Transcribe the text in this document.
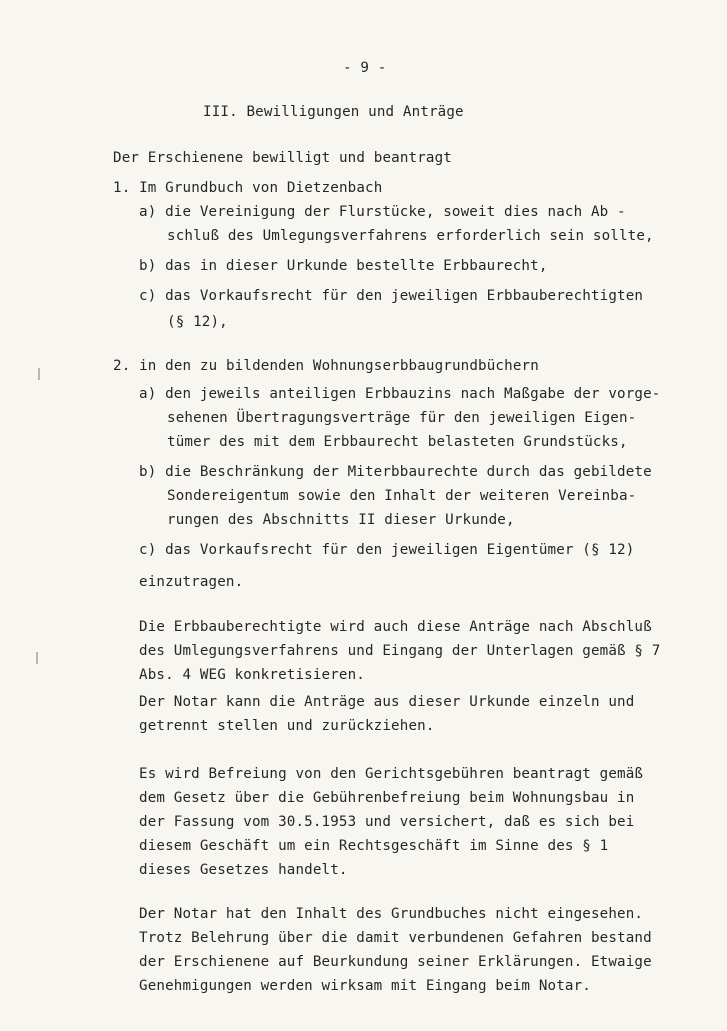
- 9 -
III. Bewilligungen und Anträge
Der Erschienene bewilligt und beantragt
1. Im Grundbuch von Dietzenbach
a) die Vereinigung der Flurstücke, soweit dies nach Ab -
schluß des Umlegungsverfahrens erforderlich sein sollte,
b) das in dieser Urkunde bestellte Erbbaurecht,
c) das Vorkaufsrecht für den jeweiligen Erbbauberechtigten
(§ 12),
2. in den zu bildenden Wohnungserbbaugrundbüchern
a) den jeweils anteiligen Erbbauzins nach Maßgabe der vorge-
sehenen Übertragungsverträge für den jeweiligen Eigen-
tümer des mit dem Erbbaurecht belasteten Grundstücks,
b) die Beschränkung der Miterbbaurechte durch das gebildete
Sondereigentum sowie den Inhalt der weiteren Vereinba-
rungen des Abschnitts II dieser Urkunde,
c) das Vorkaufsrecht für den jeweiligen Eigentümer (§ 12)
einzutragen.
Die Erbbauberechtigte wird auch diese Anträge nach Abschluß
des Umlegungsverfahrens und Eingang der Unterlagen gemäß § 7
Abs. 4 WEG konkretisieren.
Der Notar kann die Anträge aus dieser Urkunde einzeln und
getrennt stellen und zurückziehen.
Es wird Befreiung von den Gerichtsgebühren beantragt gemäß
dem Gesetz über die Gebührenbefreiung beim Wohnungsbau in
der Fassung vom 30.5.1953 und versichert, daß es sich bei
diesem Geschäft um ein Rechtsgeschäft im Sinne des § 1
dieses Gesetzes handelt.
Der Notar hat den Inhalt des Grundbuches nicht eingesehen.
Trotz Belehrung über die damit verbundenen Gefahren bestand
der Erschienene auf Beurkundung seiner Erklärungen. Etwaige
Genehmigungen werden wirksam mit Eingang beim Notar.
